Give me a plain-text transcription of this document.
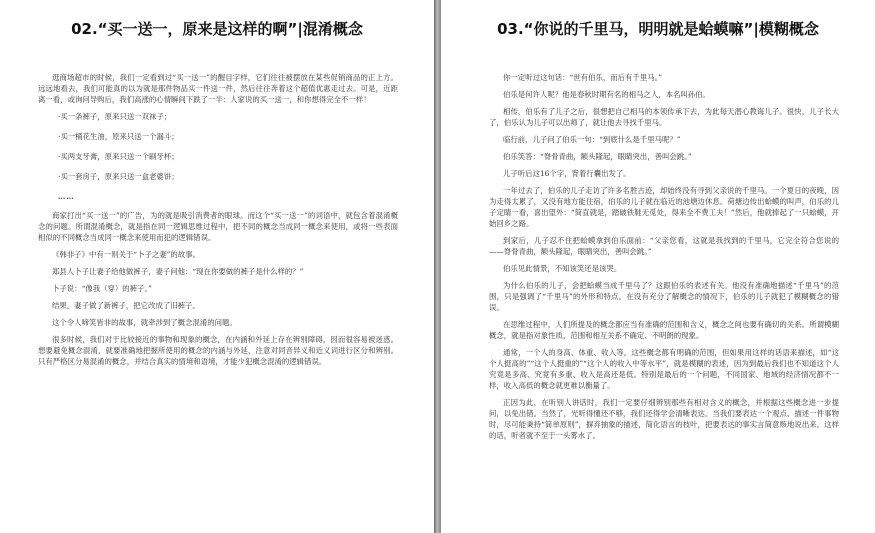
02.“买一送一，原来是这样的啊”|混淆概念

逛商场超市的时候，我们一定看到过“买一送一”的醒目字样，它们往往被摆放在某些促销商品的正上方。远远地看去，我们可能真的以为就是那件物品买一件送一件，然后往往奔着这个超值优惠走过去。可是，近距离一看，或询问导购后，我们高涨的心情瞬间下跌了一半：人家说的买一送一，和你想得完全不一样！

·买一条裤子，原来只送一双袜子；

·买一桶花生油，原来只送一个漏斗；

·买两支牙膏，原来只送一个刷牙杯；

·买一套房子，原来只送一盒老婆饼；

……

商家打出“买一送一”的广告，为的就是吸引消费者的眼球。而这个“买一送一”的词语中，就包含着混淆概念的问题。所谓混淆概念，就是指在同一逻辑思维过程中，把不同的概念当成同一概念来使用，或将一些表面相似的不同概念当成同一概念来使用而犯的逻辑错误。

《韩非子》中有一则关于“卜子之妻”的故事。

郑县人卜子让妻子给他做裤子，妻子问他：“现在你要做的裤子是什么样的？”

卜子说：“像我（穿）的裤子。”

结果，妻子做了新裤子，把它改成了旧裤子。

这个令人啼笑皆非的故事，就牵涉到了概念混淆的问题。

很多时候，我们对于比较接近的事物和现象的概念，在内涵和外延上存在辨别障碍，因而很容易被迷惑。想要避免概念混淆，就要准确地把握所使用的概念的内涵与外延，注意对同音异义和近义词进行区分和辨别。只有严格区分易混淆的概念，并结合真实的情境和语境，才能少犯概念混淆的逻辑错误。

03.“你说的千里马，明明就是蛤蟆嘛”|模糊概念

你一定听过这句话：“世有伯乐，而后有千里马。”

伯乐是何许人呢？他是春秋时期有名的相马之人，本名叫孙伯。

相传，伯乐有了儿子之后，很想把自己相马的本领传承下去，为此每天潜心教诲儿子。很快，儿子长大了，伯乐认为儿子可以出师了，就让他去寻找千里马。

临行前，儿子问了伯乐一句：“到底什么是千里马呢？”

伯乐笑答：“脊骨青曲，额头隆起，眼睛突出，善叫会跳。”

儿子听后这16个字，背着行囊出发了。

一年过去了，伯乐的儿子走访了许多名胜古迹，却始终没有寻到父亲说的千里马。一个夏日的夜晚，因为走得太累了，又没有地方能住宿，伯乐的儿子就在临近的池塘边休息。荷塘边传出蛤蟆的叫声，伯乐的儿子定睛一看，喜出望外：“简直就是，踏破铁鞋无觅处，得来全不费工夫！”然后，他就捧起了一只蛤蟆，开始回乡之路。

到家后，儿子忍不住把蛤蟆拿到伯乐面前：“父亲您看，这就是我找到的千里马，它完全符合您说的——脊骨青曲，额头隆起，眼睛突出，善叫会跳。”

伯乐见此情景，不知该笑还是该哭。

为什么伯乐的儿子，会把蛤蟆当成千里马了？这跟伯乐的表述有关。他没有准确地描述“千里马”的范围，只是强调了“千里马”的外形和特点。在没有充分了解概念的情况下，伯乐的儿子就犯了模糊概念的错误。

在思维过程中，人们所提及的概念都应当有准确的范围和含义，概念之间也要有确切的关系。所谓模糊概念，就是指对象性质、范围和相互关系不确定、不明朗的现象。

通常，一个人的身高、体重、收入等，这些概念都有明确的范围，但如果用这样的话语来描述，如“这个人挺高的”“这个人挺重的”“这个人的收入中等水平”，就是模糊的表述，因为到最后我们也不知道这个人究竟是多高、究竟有多重、收入是高还是低。特别是最后的一个问题，不同国家、地域的经济情况都不一样，收入高低的概念就更难以衡量了。

正因为此，在听别人讲话时，我们一定要仔细辨别那些有相对含义的概念，并根据这些概念进一步提问，以免出错。当然了，光听得懂还不够，我们还得学会清晰表达。当我们要表达一个观点、描述一件事物时，尽可能秉持“简单原则”，摒弃抽象的描述，简化语言的枝叶，把要表达的事实言简意赅地说出来。这样的话，听者就不至于一头雾水了。
